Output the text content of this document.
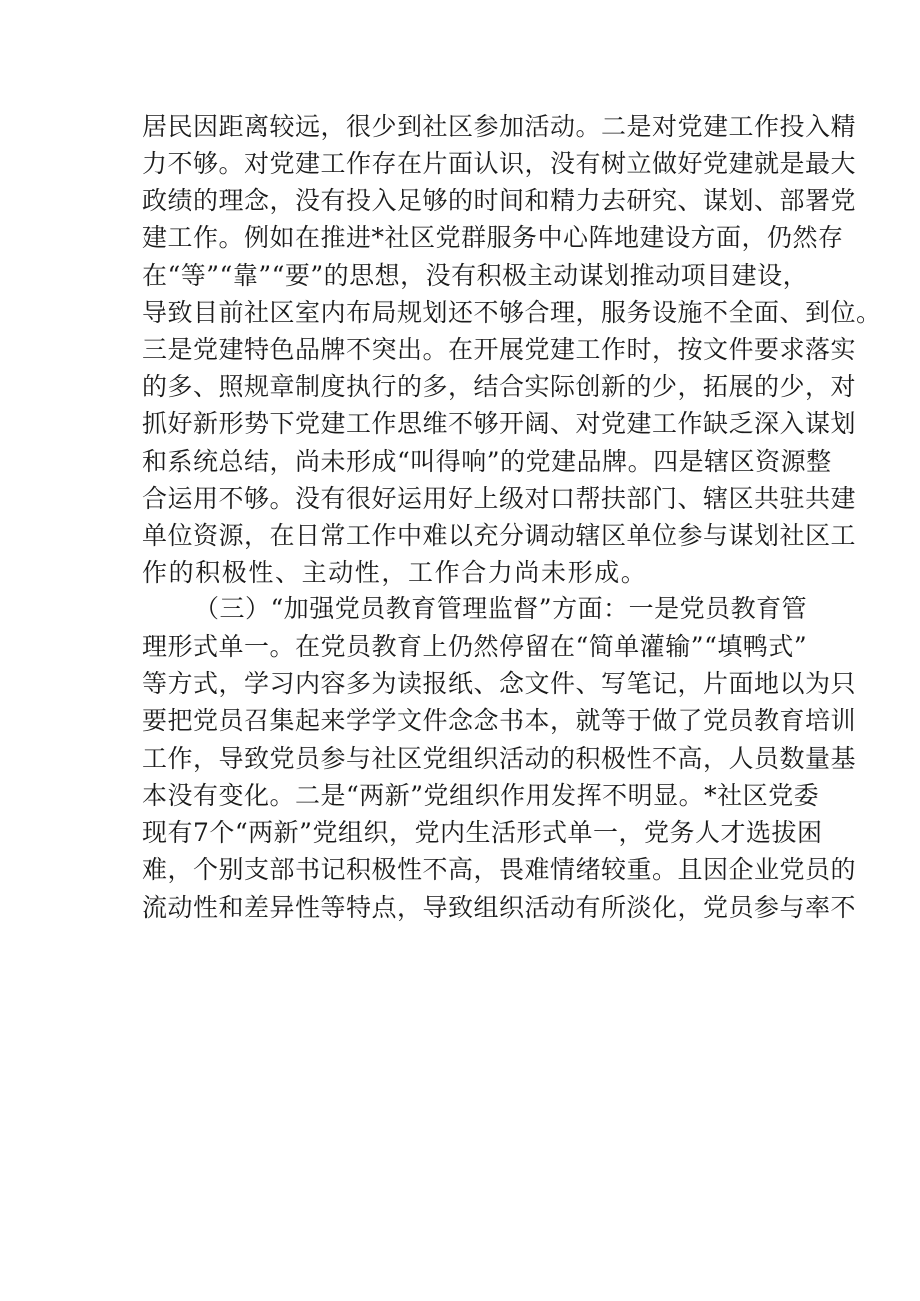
居民因距离较远，很少到社区参加活动。二是对党建工作投入精
力不够。对党建工作存在片面认识，没有树立做好党建就是最大
政绩的理念，没有投入足够的时间和精力去研究、谋划、部署党
建工作。例如在推进*社区党群服务中心阵地建设方面，仍然存
在“等”“靠”“要”的思想，没有积极主动谋划推动项目建设，
导致目前社区室内布局规划还不够合理，服务设施不全面、到位。
三是党建特色品牌不突出。在开展党建工作时，按文件要求落实
的多、照规章制度执行的多，结合实际创新的少，拓展的少，对
抓好新形势下党建工作思维不够开阔、对党建工作缺乏深入谋划
和系统总结，尚未形成“叫得响”的党建品牌。四是辖区资源整
合运用不够。没有很好运用好上级对口帮扶部门、辖区共驻共建
单位资源，在日常工作中难以充分调动辖区单位参与谋划社区工
作的积极性、主动性，工作合力尚未形成。
（三）“加强党员教育管理监督”方面：一是党员教育管
理形式单一。在党员教育上仍然停留在“简单灌输”“填鸭式”
等方式，学习内容多为读报纸、念文件、写笔记，片面地以为只
要把党员召集起来学学文件念念书本，就等于做了党员教育培训
工作，导致党员参与社区党组织活动的积极性不高，人员数量基
本没有变化。二是“两新”党组织作用发挥不明显。*社区党委
现有7个“两新”党组织，党内生活形式单一，党务人才选拔困
难，个别支部书记积极性不高，畏难情绪较重。且因企业党员的
流动性和差异性等特点，导致组织活动有所淡化，党员参与率不
